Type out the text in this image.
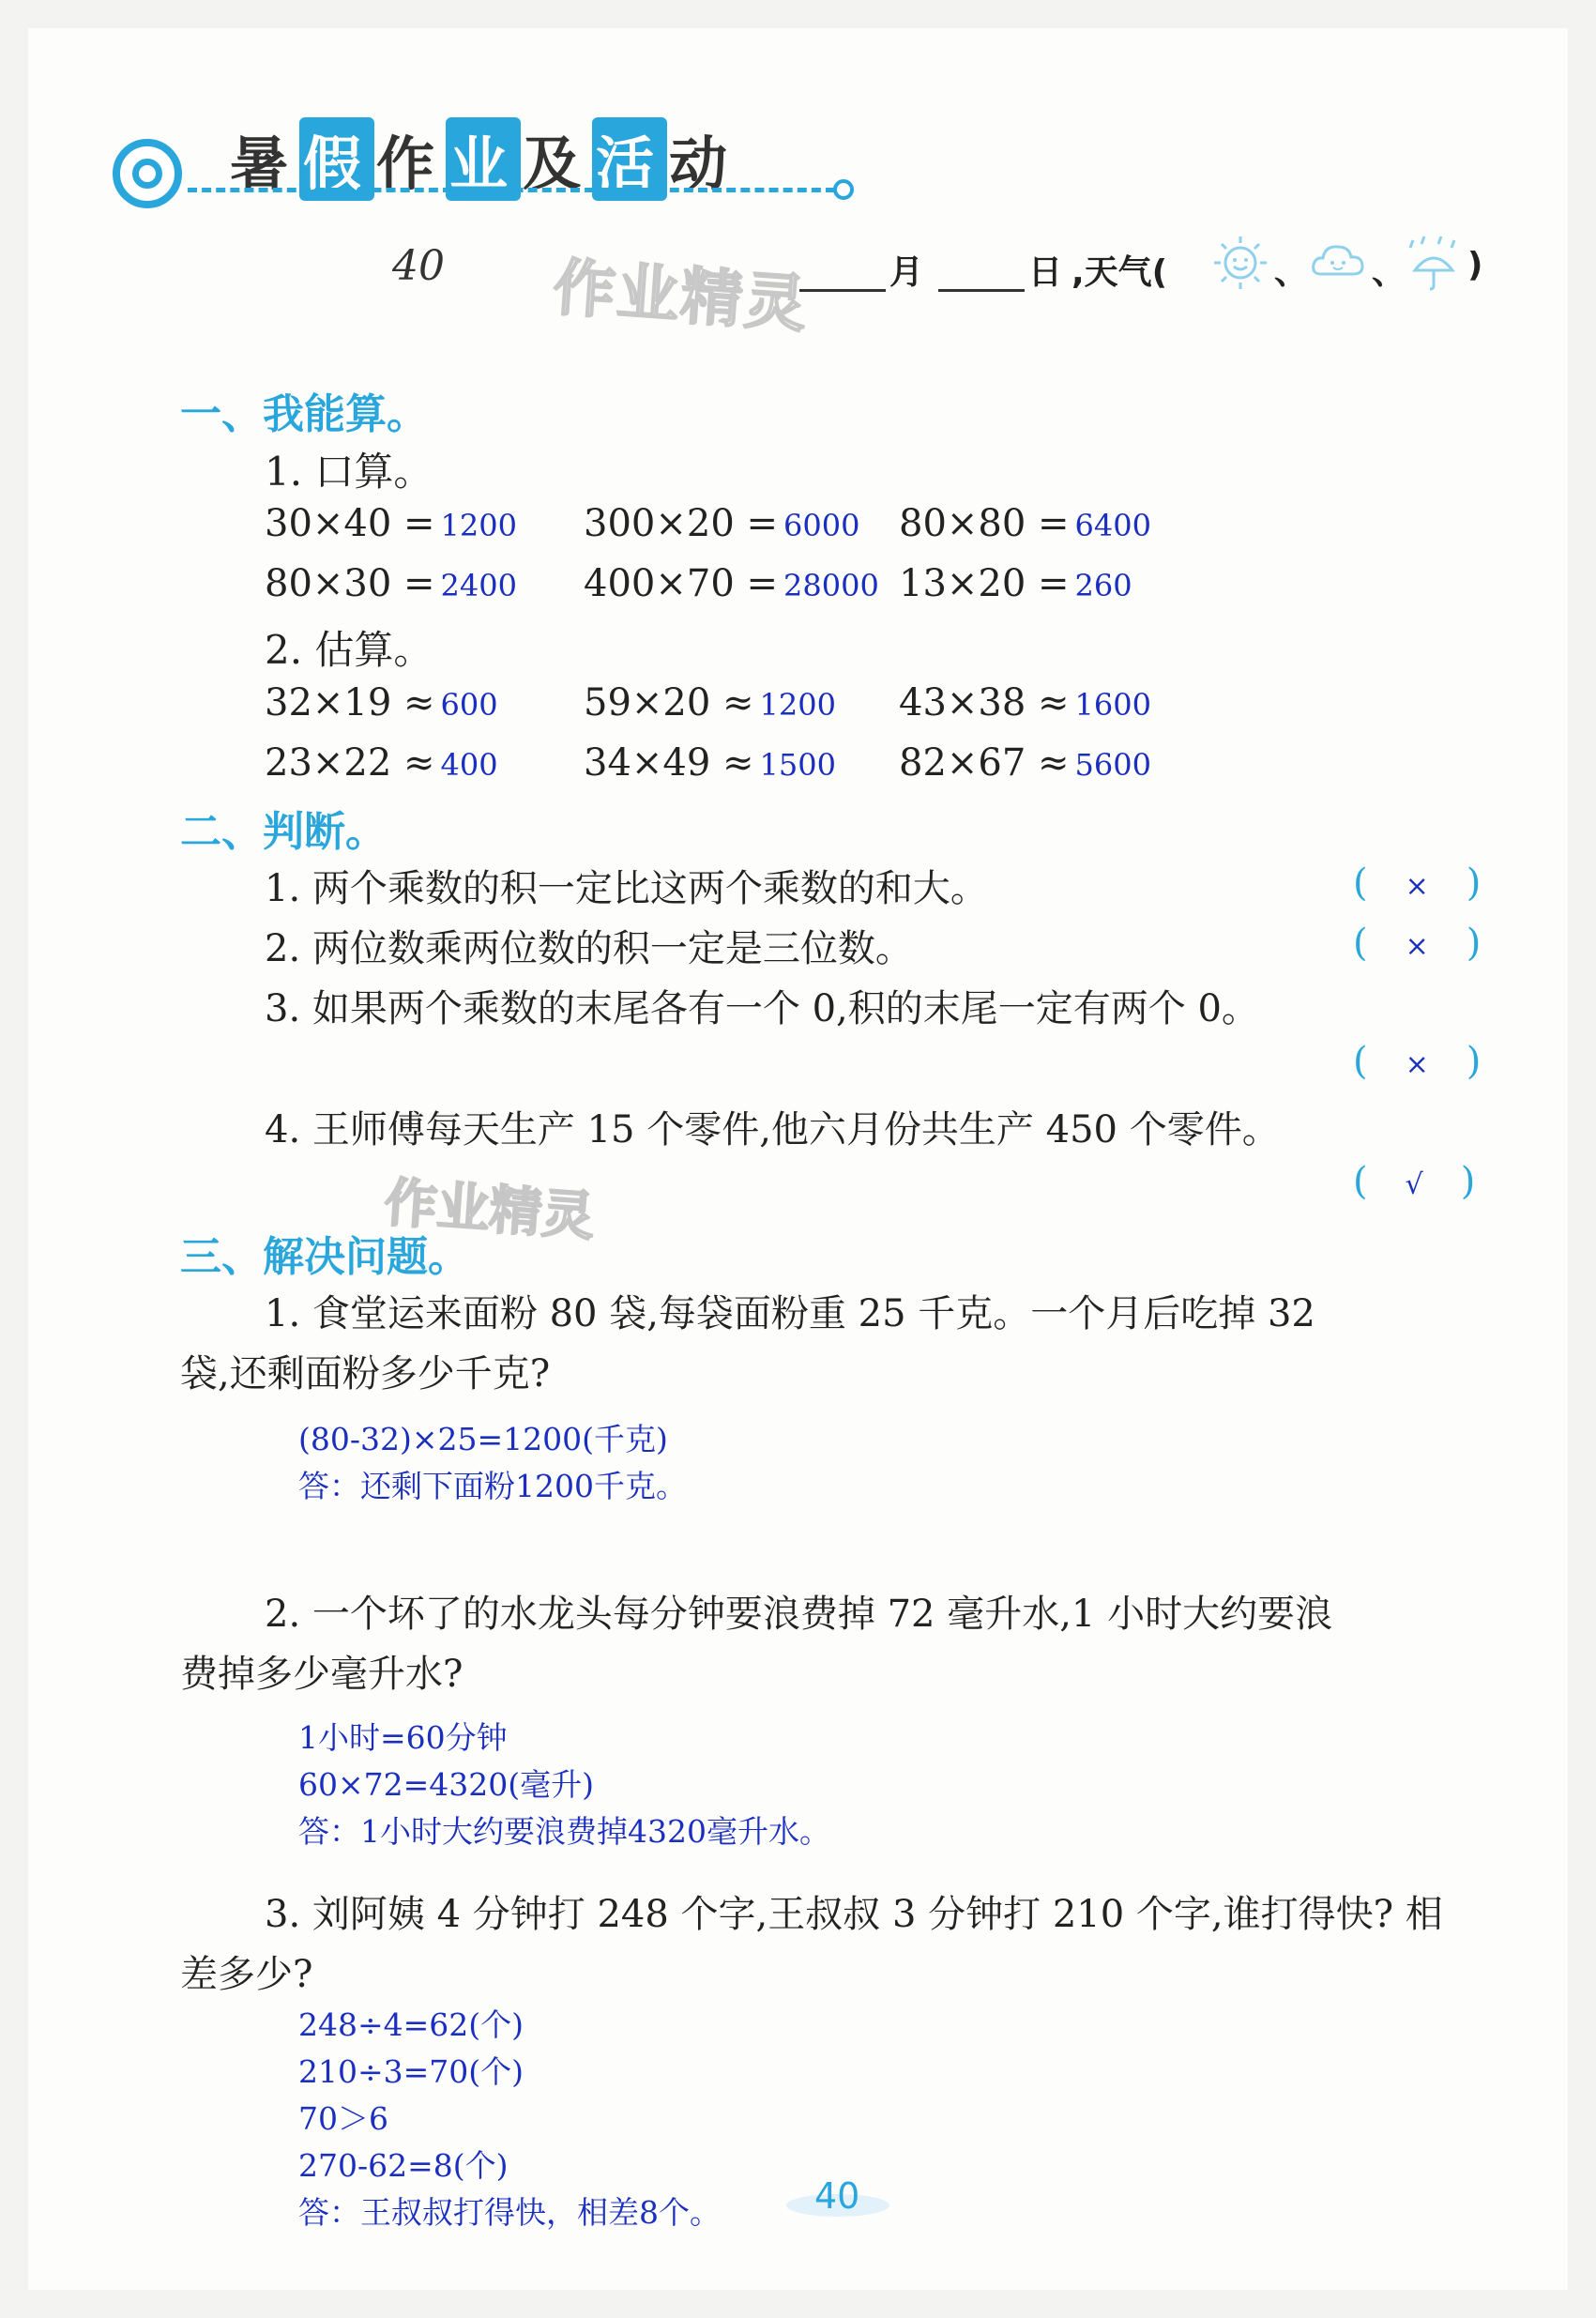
暑假作业及活动
40 作业精灵 月	日 ,天气(	、 、 )
一、我能算。
1. 口算。
30×40 = 1200 300×20 = 6000 80×80 = 6400
80×30 = 2400 400×70 = 28000 13×20 = 260
2. 估算。
32×19 ≈ 600 59×20 ≈ 1200 43×38 ≈ 1600
23×22 ≈ 400 34×49 ≈ 1500 82×67 ≈ 5600
二、判断。
1. 两个乘数的积一定比这两个乘数的和大。	( × )
2. 两位数乘两位数的积一定是三位数。	( × )
3. 如果两个乘数的末尾各有一个 0,积的末尾一定有两个 0。
( × )
4. 王师傅每天生产 15 个零件,他六月份共生产 450 个零件。
( √ )
作业精灵
三、解决问题。
1. 食堂运来面粉 80 袋,每袋面粉重 25 千克。一个月后吃掉 32
袋,还剩面粉多少千克?
(80-32)×25=1200(千克)
答：还剩下面粉1200千克。
2. 一个坏了的水龙头每分钟要浪费掉 72 毫升水,1 小时大约要浪
费掉多少毫升水?
1小时=60分钟
60×72=4320(毫升)
答：1小时大约要浪费掉4320毫升水。
3. 刘阿姨 4 分钟打 248 个字,王叔叔 3 分钟打 210 个字,谁打得快? 相
差多少?
248÷4=62(个)
210÷3=70(个)
70＞6
270-62=8(个)
答：王叔叔打得快，相差8个。	40
